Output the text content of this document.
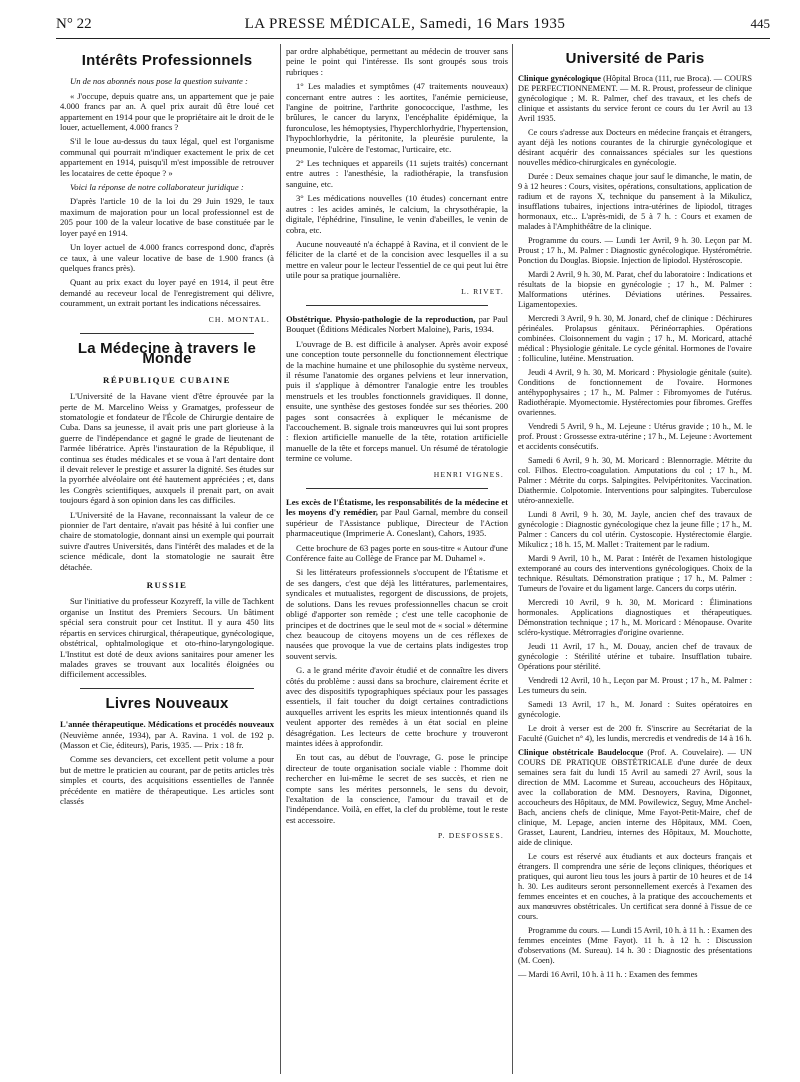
N° 22	LA PRESSE MÉDICALE, Samedi, 16 Mars 1935	445
Intérêts Professionnels

Un de nos abonnés nous pose la question suivante :

« J'occupe, depuis quatre ans, un appartement que je paie 4.000 francs par an. A quel prix aurait dû être loué cet appartement en 1914 pour que le propriétaire ait le droit de le louer, actuellement, 4.000 francs ?

S'il le loue au-dessus du taux légal, quel est l'organisme communal qui pourrait m'indiquer exactement le prix de cet appartement en 1914, puisqu'il m'est impossible de retrouver les locataires de cette époque ? »

Voici la réponse de notre collaborateur juridique :

D'après l'article 10 de la loi du 29 Juin 1929, le taux maximum de majoration pour un local professionnel est de 205 pour 100 de la valeur locative de base constituée par le loyer payé en 1914.

Un loyer actuel de 4.000 francs correspond donc, d'après ce taux, à une valeur locative de base de 1.900 francs (à quelques francs près).

Quant au prix exact du loyer payé en 1914, il peut être demandé au receveur local de l'enregistrement qui délivre, couramment, un extrait portant les indications nécessaires.

CH. MONTAL.

La Médecine à travers le Monde
RÉPUBLIQUE CUBAINE

L'Université de la Havane vient d'être éprouvée par la perte de M. Marcelino Weiss y Gramatges, professeur de stomatologie et fondateur de l'École de Chirurgie dentaire de Cuba. Dans sa jeunesse, il avait pris une part glorieuse à la guerre de l'indépendance et gagné le grade de lieutenant de l'armée libératrice. Après l'instauration de la République, il continua ses études médicales et se voua à l'art dentaire dont il devait relever le prestige et assurer la dignité. Ses études sur la pyorrhée alvéolaire ont été hautement appréciées ; et, dans les Congrès scientifiques, auxquels il prenait part, on avait toujours égard à son opinion dans les cas difficiles.

L'Université de la Havane, reconnaissant la valeur de ce pionnier de l'art dentaire, n'avait pas hésité à lui confier une chaire de stomatologie, donnant ainsi un exemple qui pourrait suivre d'autres Universités, dans l'intérêt des malades et de la science médicale, dont la stomatologie ne saurait être détachée.

RUSSIE

Sur l'initiative du professeur Kozyreff, la ville de Tachkent organise un Institut des Premiers Secours. Un bâtiment spécial sera construit pour cet Institut. Il y aura 450 lits répartis en services chirurgical, thérapeutique, gynécologique, obstétrical, ophtalmologique et oto-rhino-laryngologique. L'Institut est doté de deux avions sanitaires pour amener les malades graves se trouvant aux localités éloignées ou difficilement accessibles.

Livres Nouveaux

L'année thérapeutique. Médications et procédés nouveaux (Neuvième année, 1934), par A. Ravina. 1 vol. de 192 p. (Masson et Cie, éditeurs), Paris, 1935. — Prix : 18 fr.

Comme ses devanciers, cet excellent petit volume a pour but de mettre le praticien au courant, par de petits articles très simples et courts, des acquisitions essentielles de l'année précédente en matière de thérapeutique. Les articles sont classés

par ordre alphabétique, permettant au médecin de trouver sans peine le point qui l'intéresse. Ils sont groupés sous trois rubriques :

1° Les maladies et symptômes (47 traitements nouveaux) concernant entre autres : les aortites, l'anémie pernicieuse, l'angine de poitrine, l'arthrite gonococcique, l'asthme, les brûlures, le cancer du larynx, l'encéphalite épidémique, la furonculose, les hémoptysies, l'hyperchlorhydrie, l'hypertension, l'hypochlorhydrie, la péritonite, la pleurésie purulente, la pneumonie, l'ulcère de l'estomac, l'urticaire, etc.

2° Les techniques et appareils (11 sujets traités) concernant entre autres : l'anesthésie, la radiothérapie, la transfusion sanguine, etc.

3° Les médications nouvelles (10 études) concernant entre autres : les acides aminés, le calcium, la chrysothérapie, la digitale, l'éphédrine, l'insuline, le venin d'abeilles, le venin de cobra, etc.

Aucune nouveauté n'a échappé à Ravina, et il convient de le féliciter de la clarté et de la concision avec lesquelles il a su mettre en valeur pour le lecteur l'essentiel de ce qui peut lui être utile pour sa pratique journalière.

L. RIVET.

Obstétrique. Physio-pathologie de la reproduction, par Paul Bouquet (Éditions Médicales Norbert Maloine), Paris, 1934.

L'ouvrage de B. est difficile à analyser. Après avoir exposé une conception toute personnelle du fonctionnement électrique de la machine humaine et une philosophie du système nerveux, il résume l'anatomie des organes pelviens et leur innervation, puis il s'applique à démontrer l'analogie entre les troubles menstruels et les troubles fonctionnels gravidiques. Il donne, ensuite, une synthèse des gestoses fondée sur ses théories. 200 pages sont consacrées à expliquer le mécanisme de l'accouchement. B. signale trois manœuvres qui lui sont propres : flexion artificielle manuelle de la tête, rotation artificielle manuelle de la tête et forceps manuel. Un résumé de tératologie termine ce volume.

HENRI VIGNES.

Les excès de l'Étatisme, les responsabilités de la médecine et les moyens d'y remédier, par Paul Garnal, membre du conseil supérieur de l'Assistance publique, Directeur de l'Action pharmaceutique (Imprimerie A. Coneslant), Cahors, 1935.

Cette brochure de 63 pages porte en sous-titre « Autour d'une Conférence faite au Collège de France par M. Duhamel ».

Si les littérateurs professionnels s'occupent de l'Étatisme et de ses dangers, c'est que déjà les littératures, parlementaires, syndicales et mutualistes, regorgent de discussions, de projets, de solutions. Dans les revues professionnelles chacun se croit obligé d'apporter son remède ; c'est une telle cacophonie de principes et de doctrines que le seul mot de « social » détermine chez beaucoup de citoyens moyens un de ces réflexes de nausées que provoque la vue de certains plats indigestes trop souvent servis.

G. a le grand mérite d'avoir étudié et de connaître les divers côtés du problème : aussi dans sa brochure, clairement écrite et avec des dispositifs typographiques spéciaux pour les passages essentiels, il fait toucher du doigt certaines contradictions auxquelles arrivent les esprits les mieux intentionnés quand ils veulent apporter des remèdes à un état social en pleine désagrégation. Les lecteurs de cette brochure y trouveront maintes idées à approfondir.

En tout cas, au début de l'ouvrage, G. pose le principe directeur de toute organisation sociale viable : l'homme doit rechercher en lui-même le secret de ses succès, et rien ne compte sans les mérites personnels, le sens du devoir, l'exaltation de la conscience, l'amour du travail et de l'indépendance. Voilà, en effet, la clef du problème, tout le reste est accessoire.

P. DESFOSSES.

Université de Paris

Clinique gynécologique (Hôpital Broca (111, rue Broca). — COURS DE PERFECTIONNEMENT. — M. R. Proust, professeur de clinique gynécologique ; M. R. Palmer, chef des travaux, et les chefs de clinique et assistants du service feront ce cours du 1er Avril au 13 Avril 1935.

Ce cours s'adresse aux Docteurs en médecine français et étrangers, ayant déjà les notions courantes de la chirurgie gynécologique et désirant acquérir des connaissances spéciales sur les questions nouvelles médico-chirurgicales en gynécologie.

Durée : Deux semaines chaque jour sauf le dimanche, le matin, de 9 à 12 heures : Cours, visites, opérations, consultations, application de radium et de rayons X, technique du pansement à la Mikulicz, insufflations tubaires, injections intra-utérines de lipiodol, titrages hormonaux, etc... L'après-midi, de 5 à 7 h. : Cours et examen de malades à l'Amphithéâtre de la clinique.

Programme du cours. — Lundi 1er Avril, 9 h. 30. Leçon par M. Proust ; 17 h., M. Palmer : Diagnostic gynécologique. Hystérométrie. Ponction du Douglas. Biopsie. Injection de lipiodol. Hystéroscopie.

Mardi 2 Avril, 9 h. 30, M. Parat, chef du laboratoire : Indications et résultats de la biopsie en gynécologie ; 17 h., M. Palmer : Malformations utérines. Déviations utérines. Pessaires. Ligamentopexies.

Mercredi 3 Avril, 9 h. 30, M. Jonard, chef de clinique : Déchirures périnéales. Prolapsus génitaux. Périnéorraphies. Opérations combinées. Cloisonnement du vagin ; 17 h., M. Moricard, attaché médical : Physiologie génitale. Le cycle génital. Hormones de l'ovaire : folliculine, lutéine. Menstruation.

Jeudi 4 Avril, 9 h. 30, M. Moricard : Physiologie génitale (suite). Conditions de fonctionnement de l'ovaire. Hormones antéhypophysaires ; 17 h., M. Palmer : Fibromyomes de l'utérus. Radiothérapie. Myomectomie. Hystérectomies pour fibromes. Greffes ovariennes.

Vendredi 5 Avril, 9 h., M. Lejeune : Utérus gravide ; 10 h., M. le prof. Proust : Grossesse extra-utérine ; 17 h., M. Lejeune : Avortement et accidents consécutifs.

Samedi 6 Avril, 9 h. 30, M. Moricard : Blennorragie. Métrite du col. Filhos. Electro-coagulation. Amputations du col ; 17 h., M. Palmer : Métrite du corps. Salpingites. Pelvipéritonites. Vaccination. Diathermie. Colpotomie. Interventions pour salpingites. Tuberculose utéro-annexielle.

Lundi 8 Avril, 9 h. 30, M. Jayle, ancien chef des travaux de gynécologie : Diagnostic gynécologique chez la jeune fille ; 17 h., M. Palmer : Cancers du col utérin. Cystoscopie. Hystérectomie élargie. Mikulicz ; 18 h. 15, M. Mallet : Traitement par le radium.

Mardi 9 Avril, 10 h., M. Parat : Intérêt de l'examen histologique extemporané au cours des interventions gynécologiques. Choix de la technique. Résultats. Démonstration pratique ; 17 h., M. Palmer : Tumeurs de l'ovaire et du ligament large. Cancers du corps utérin.

Mercredi 10 Avril, 9 h. 30, M. Moricard : Éliminations hormonales. Applications diagnostiques et thérapeutiques. Démonstration technique ; 17 h., M. Moricard : Ménopause. Ovarite scléro-kystique. Métrorragies d'origine ovarienne.

Jeudi 11 Avril, 17 h., M. Douay, ancien chef de travaux de gynécologie : Stérilité utérine et tubaire. Insufflation tubaire. Opérations pour stérilité.

Vendredi 12 Avril, 10 h., Leçon par M. Proust ; 17 h., M. Palmer : Les tumeurs du sein.

Samedi 13 Avril, 17 h., M. Jonard : Suites opératoires en gynécologie.

Le droit à verser est de 200 fr. S'inscrire au Secrétariat de la Faculté (Guichet n° 4), les lundis, mercredis et vendredis de 14 à 16 h.

Clinique obstétricale Baudelocque (Prof. A. Couvelaire). — UN COURS DE PRATIQUE OBSTÉTRICALE d'une durée de deux semaines sera fait du lundi 15 Avril au samedi 27 Avril, sous la direction de MM. Lacomme et Sureau, accoucheurs des Hôpitaux, avec la collaboration de MM. Desnoyers, Ravina, Digonnet, accoucheurs des Hôpitaux, de MM. Powilewicz, Seguy, Mme Anchel-Bach, anciens chefs de clinique, Mme Fayot-Petit-Maire, chef de clinique, M. Lepage, ancien interne des Hôpitaux, MM. Coen, Grasset, Laurent, Landrieu, internes des Hôpitaux, M. Mouchotte, aide de clinique.

Le cours est réservé aux étudiants et aux docteurs français et étrangers. Il comprendra une série de leçons cliniques, théoriques et pratiques, qui auront lieu tous les jours à partir de 10 heures et de 14 h. 30. Les auditeurs seront personnellement exercés à l'examen des femmes enceintes et en couches, à la pratique des accouchements et aux manœuvres obstétricales. Un certificat sera donné à l'issue de ce cours.

Programme du cours. — Lundi 15 Avril, 10 h. à 11 h. : Examen des femmes enceintes (Mme Fayot). 11 h. à 12 h. : Discussion d'observations (M. Sureau). 14 h. 30 : Diagnostic des présentations (M. Coen).

— Mardi 16 Avril, 10 h. à 11 h. : Examen des femmes
